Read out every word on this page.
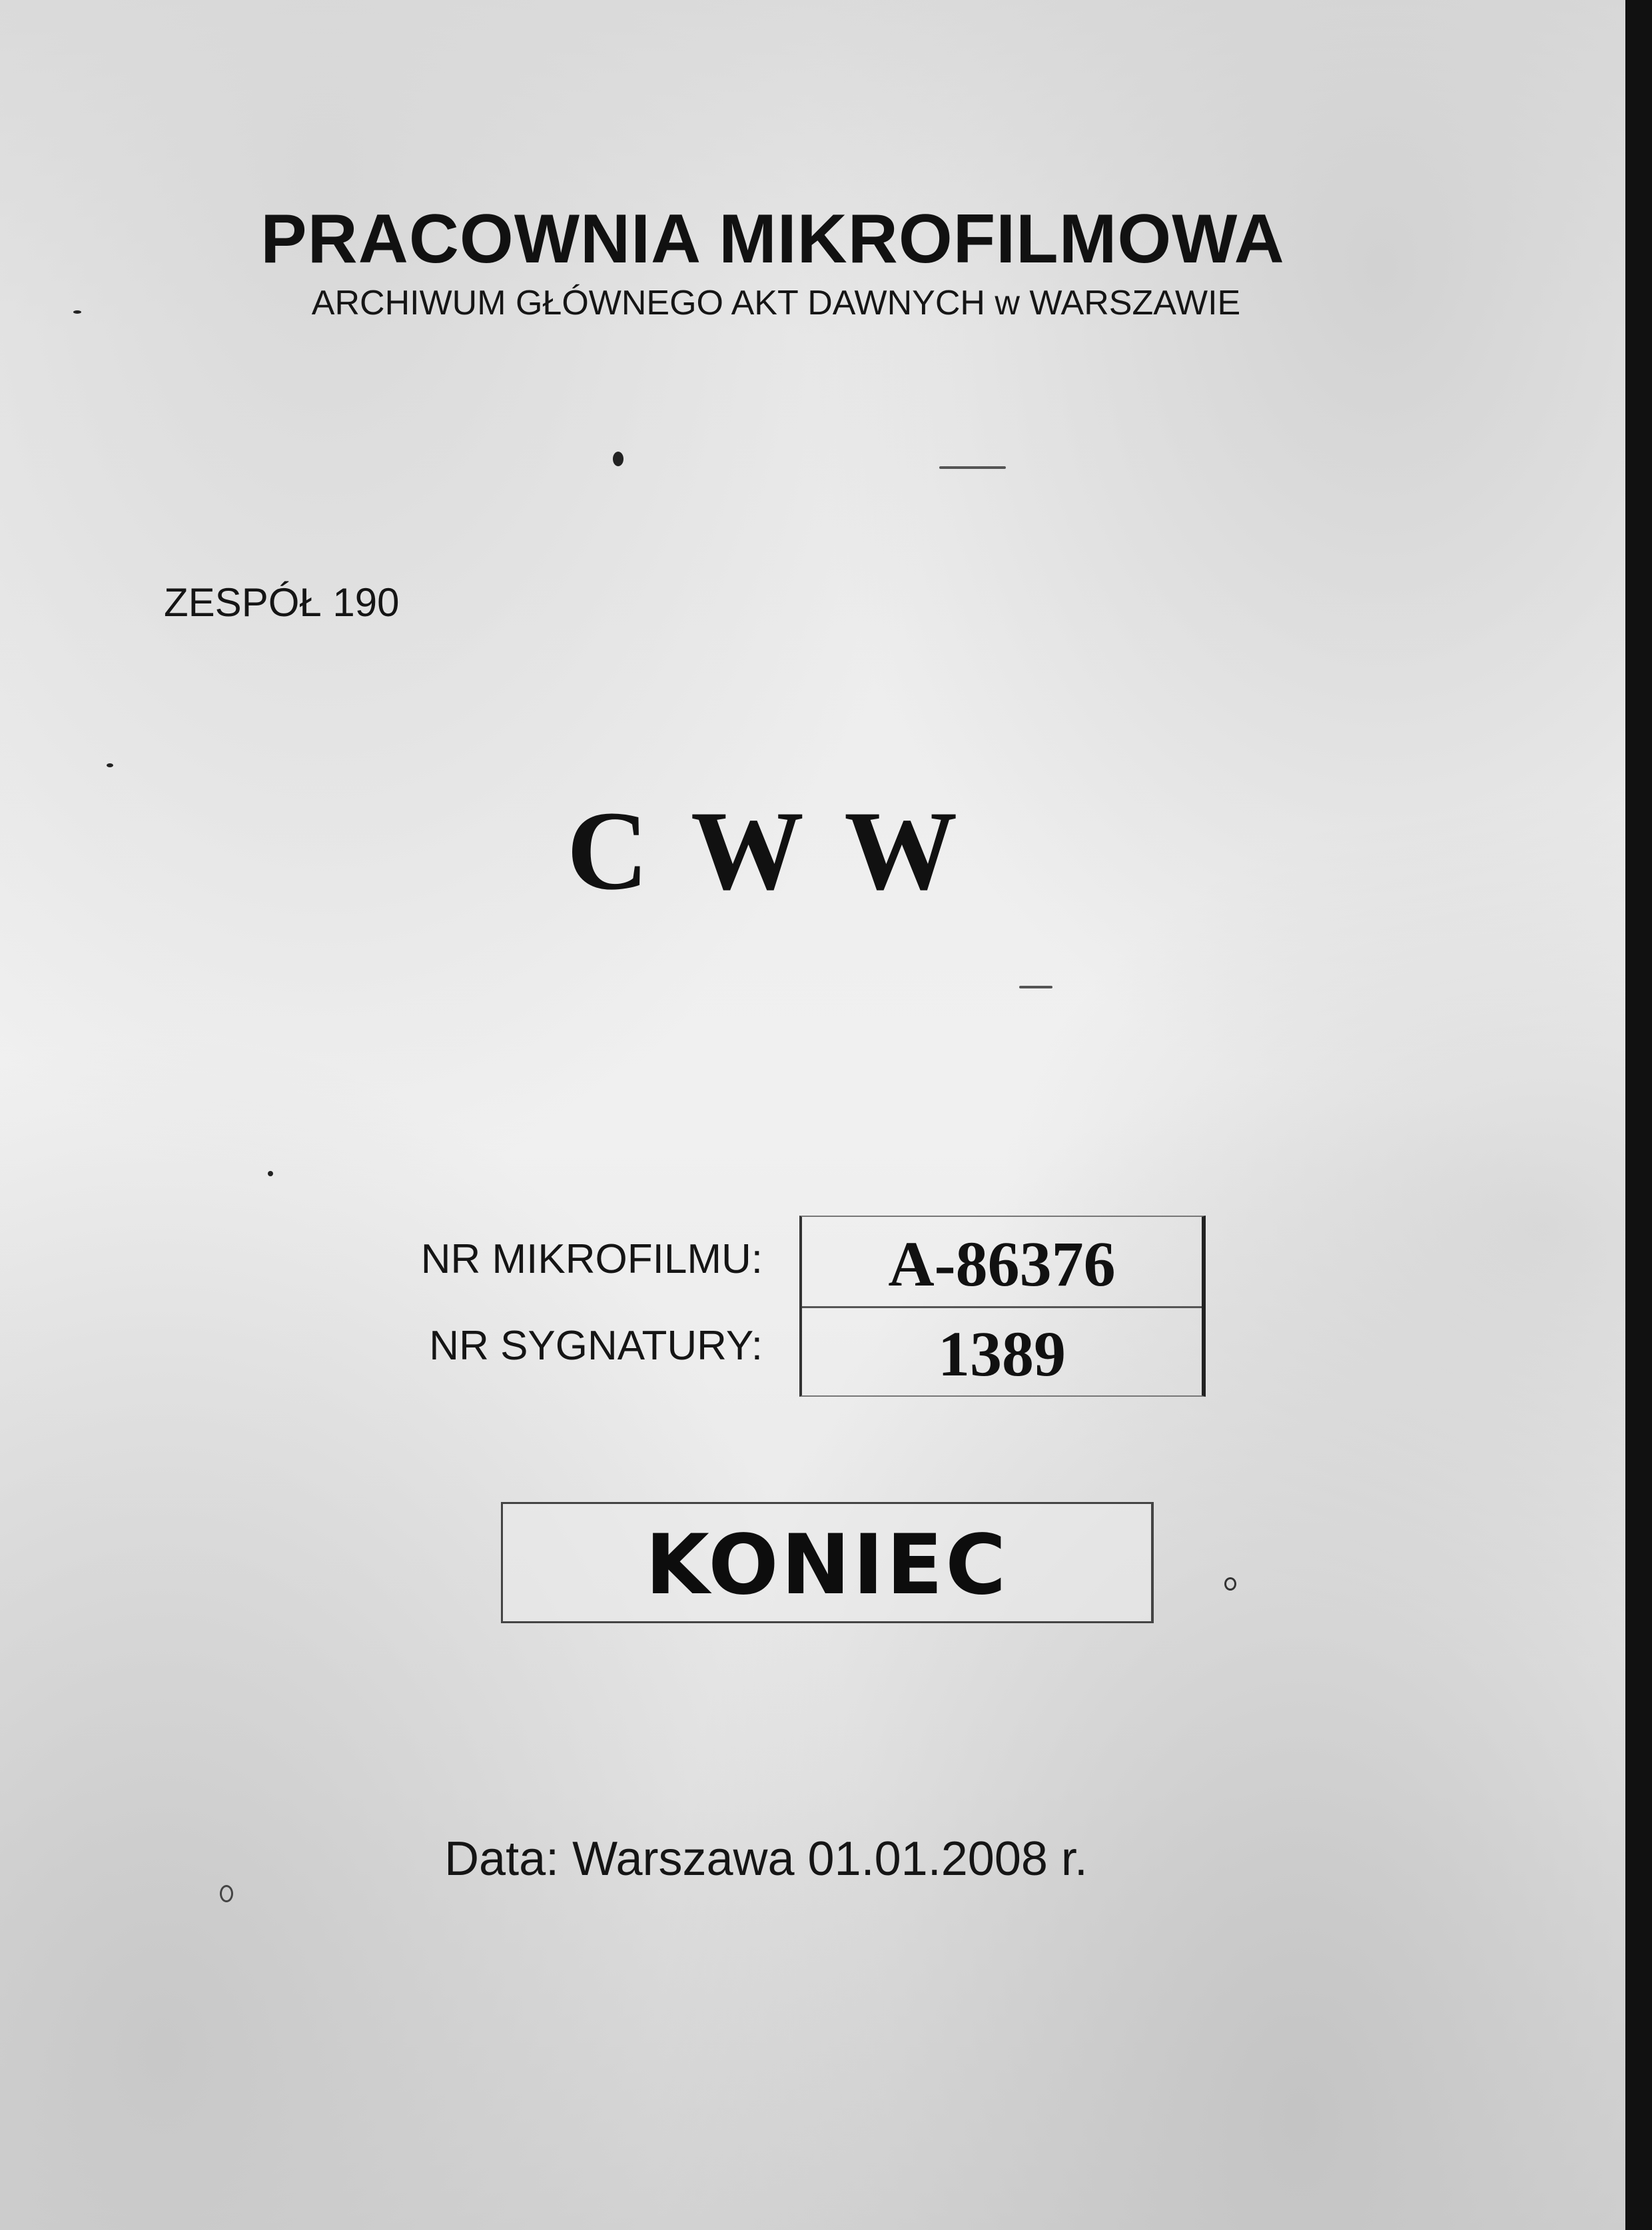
PRACOWNIA MIKROFILMOWA
ARCHIWUM GŁÓWNEGO AKT DAWNYCH w WARSZAWIE
ZESPÓŁ 190
C W W
NR MIKROFILMU:
NR SYGNATURY:
A-86376
1389
KONIEC
Data: Warszawa 01.01.2008 r.
